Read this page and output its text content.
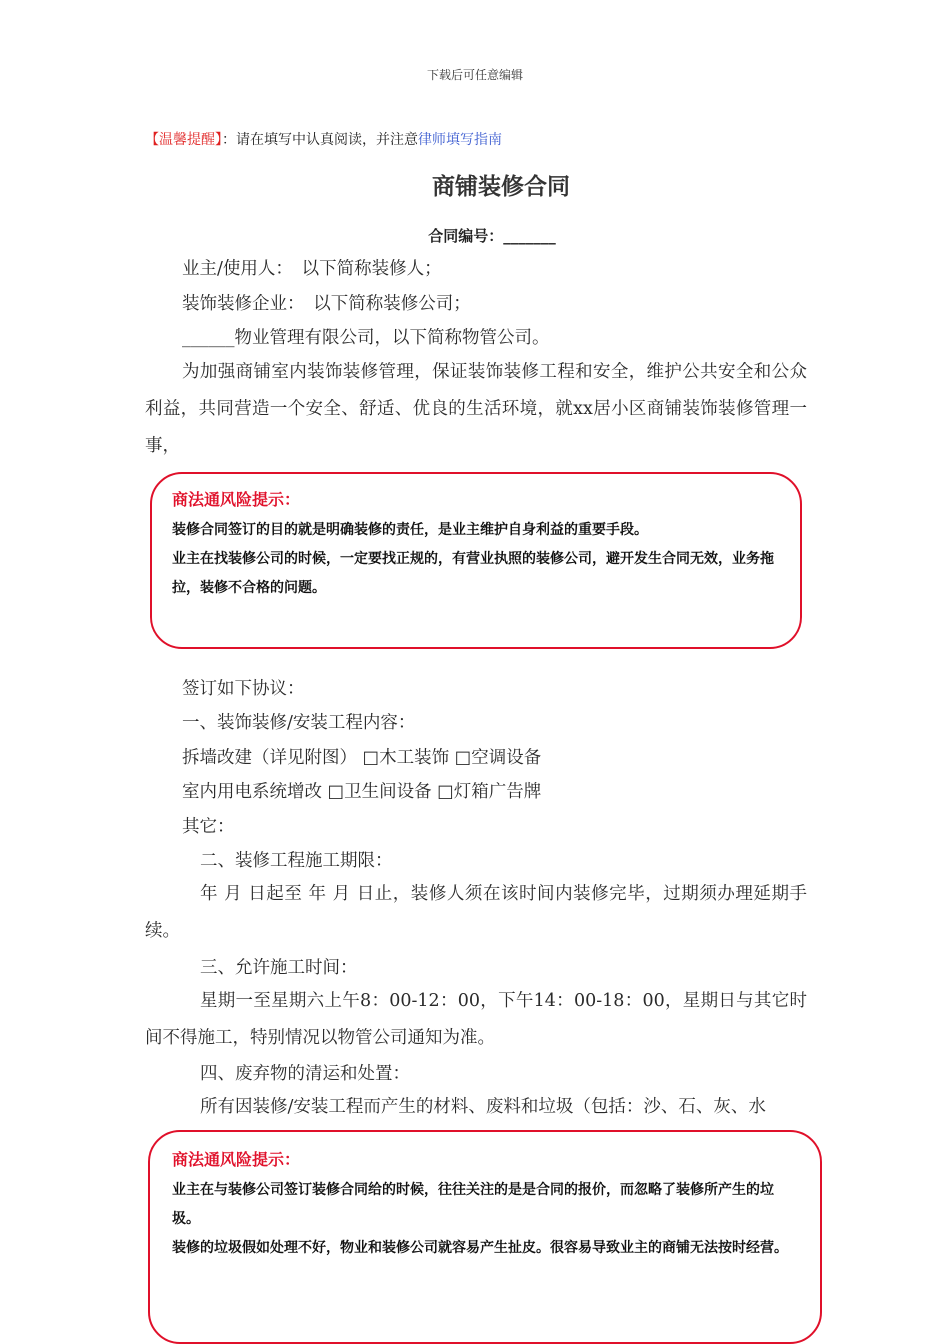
下载后可任意编辑
【温馨提醒】：请在填写中认真阅读，并注意律师填写指南
商铺装修合同
合同编号：_______
业主/使用人：　以下简称装修人；
装饰装修企业：　以下简称装修公司；
______物业管理有限公司，以下简称物管公司。
为加强商铺室内装饰装修管理，保证装饰装修工程和安全，维护公共安全和公众利益，共同营造一个安全、舒适、优良的生活环境，就xx居小区商铺装饰装修管理一事，
商法通风险提示：
装修合同签订的目的就是明确装修的责任，是业主维护自身利益的重要手段。
业主在找装修公司的时候，一定要找正规的，有营业执照的装修公司，避开发生合同无效，业务拖拉，装修不合格的问题。
签订如下协议：
一、装饰装修/安装工程内容：
拆墙改建（详见附图） □木工装饰 □空调设备
室内用电系统增改 □卫生间设备 □灯箱广告牌
其它：
二、装修工程施工期限：
年 月 日起至 年 月 日止，装修人须在该时间内装修完毕，过期须办理延期手续。
三、允许施工时间：
星期一至星期六上午8：00-12：00，下午14：00-18：00，星期日与其它时间不得施工，特别情况以物管公司通知为准。
四、废弃物的清运和处置：
所有因装修/安装工程而产生的材料、废料和垃圾（包括：沙、石、灰、水
商法通风险提示：
业主在与装修公司签订装修合同给的时候，往往关注的是是合同的报价，而忽略了装修所产生的垃圾。
装修的垃圾假如处理不好，物业和装修公司就容易产生扯皮。很容易导致业主的商铺无法按时经营。
